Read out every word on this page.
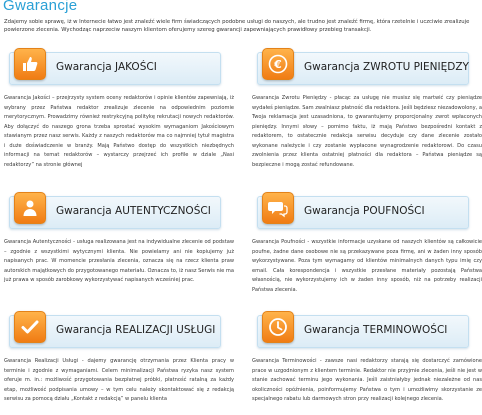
Gwarancje

Zdajemy sobie sprawę, iż w Internecie łatwo jest znaleźć wiele firm świadczących podobne usługi do naszych, ale trudno jest znaleźć firmę, która rzetelnie i uczciwie zrealizuje powierzone zlecenia. Wychodząc naprzeciw naszym klientom oferujemy szereg gwarancji zapewniających prawidłowy przebieg transakcji.

Gwarancja JAKOŚCI

Gwarancja Jakości – przejrzysty system oceny redaktorów i opinie klientów zapewniają, iż wybrany przez Państwa redaktor zrealizuje zlecenie na odpowiednim poziomie merytorycznym. Prowadzimy również restrykcyjną politykę rekrutacji nowych redaktorów. Aby dołączyć do naszego grona trzeba sprostać wysokim wymaganiom Jakościowym stawianym przez nasz serwis. Każdy z naszych redaktorów ma co najmniej tytuł magistra i duże doświadczenie w branży. Mają Państwo dostęp do wszystkich niezbędnych informacji na temat redaktorów – wystarczy przejrzeć ich profile w dziale „Nasi redaktorzy” na stronie głównej

€ Gwarancja ZWROTU PIENIĘDZY

Gwarancja Zwrotu Pieniędzy - płacąc za usługę nie musisz się martwić czy pieniądze wydałeś pieniądze. Sam zwalniasz płatność dla redaktora. Jeśli będziesz niezadowolony, a Twoja reklamacja jest uzasadniona, to gwarantujemy proporcjonalny zwrot wpłaconych pieniędzy. Innymi słowy – pomimo faktu, iż mają Państwo bezpośredni kontakt z redaktorem, to ostatecznie redakcja serwisu decyduje czy dane zlecenie zostało wykonane należycie i czy zostanie wypłacone wynagrodzenie redaktorowi. Do czasu zwolnienia przez klienta ostatniej płatności dla redaktora – Państwa pieniądze są bezpieczne i mogą zostać refundowane.

Gwarancja AUTENTYCZNOŚCI

Gwarancja Autentyczności - usługa realizowana jest na indywidualne zlecenie od podstaw – zgodnie z wszystkimi wytycznymi klienta. Nie powielamy ani nie kopiujemy już napisanych prac. W momencie przesłania zlecenia, oznacza się na rzecz klienta praw autorskich majątkowych do przygotowanego materiału. Oznacza to, iż nasz Serwis nie ma już prawa w sposób zarobkowy wykorzystywać napisanych wcześniej prac.

Gwarancja POUFNOŚCI

Gwarancja Poufności - wszystkie informacje uzyskane od naszych klientów są całkowicie poufne, żadne dane osobowe nie są przekazywane poza firmę, ani w żaden inny sposób wykorzystywane. Poza tym wymagamy od klientów minimalnych danych typu imię czy email. Cała korespondencja i wszystkie przesłane materiały pozostają Państwa własnością, nie wykorzystujemy ich w żaden inny sposób, niż na potrzeby realizacji Państwa zlecenia.

Gwarancja REALIZACJI USŁUGI

Gwarancja Realizacji Usługi - dajemy gwarancję otrzymania przez Klienta pracy w terminie i zgodnie z wymaganiami. Celem minimalizacji Państwa ryzyka nasz system oferuje m. in.: możliwość przygotowania bezpłatnej próbki, płatność ratalną za każdy etap, możliwość podpisania umowy – w tym celu należy skontaktować się z redakcją serwisu za pomocą działu „Kontakt z redakcją” w panelu klienta

Gwarancja TERMINOWOŚCI

Gwarancja Terminowości - zawsze nasi redaktorzy starają się dostarczyć zamówione prace w uzgodnionym z klientem terminie. Redaktor nie przyjmie zlecenia, jeśli nie jest w stanie zachować terminu jego wykonania. Jeśli zaistniałyby jednak niezależne od nas okoliczności opóźnienia, poinformujemy Państwa o tym i umożliwimy skorzystanie ze specjalnego rabatu lub darmowych stron przy realizacji kolejnego zlecenia.
